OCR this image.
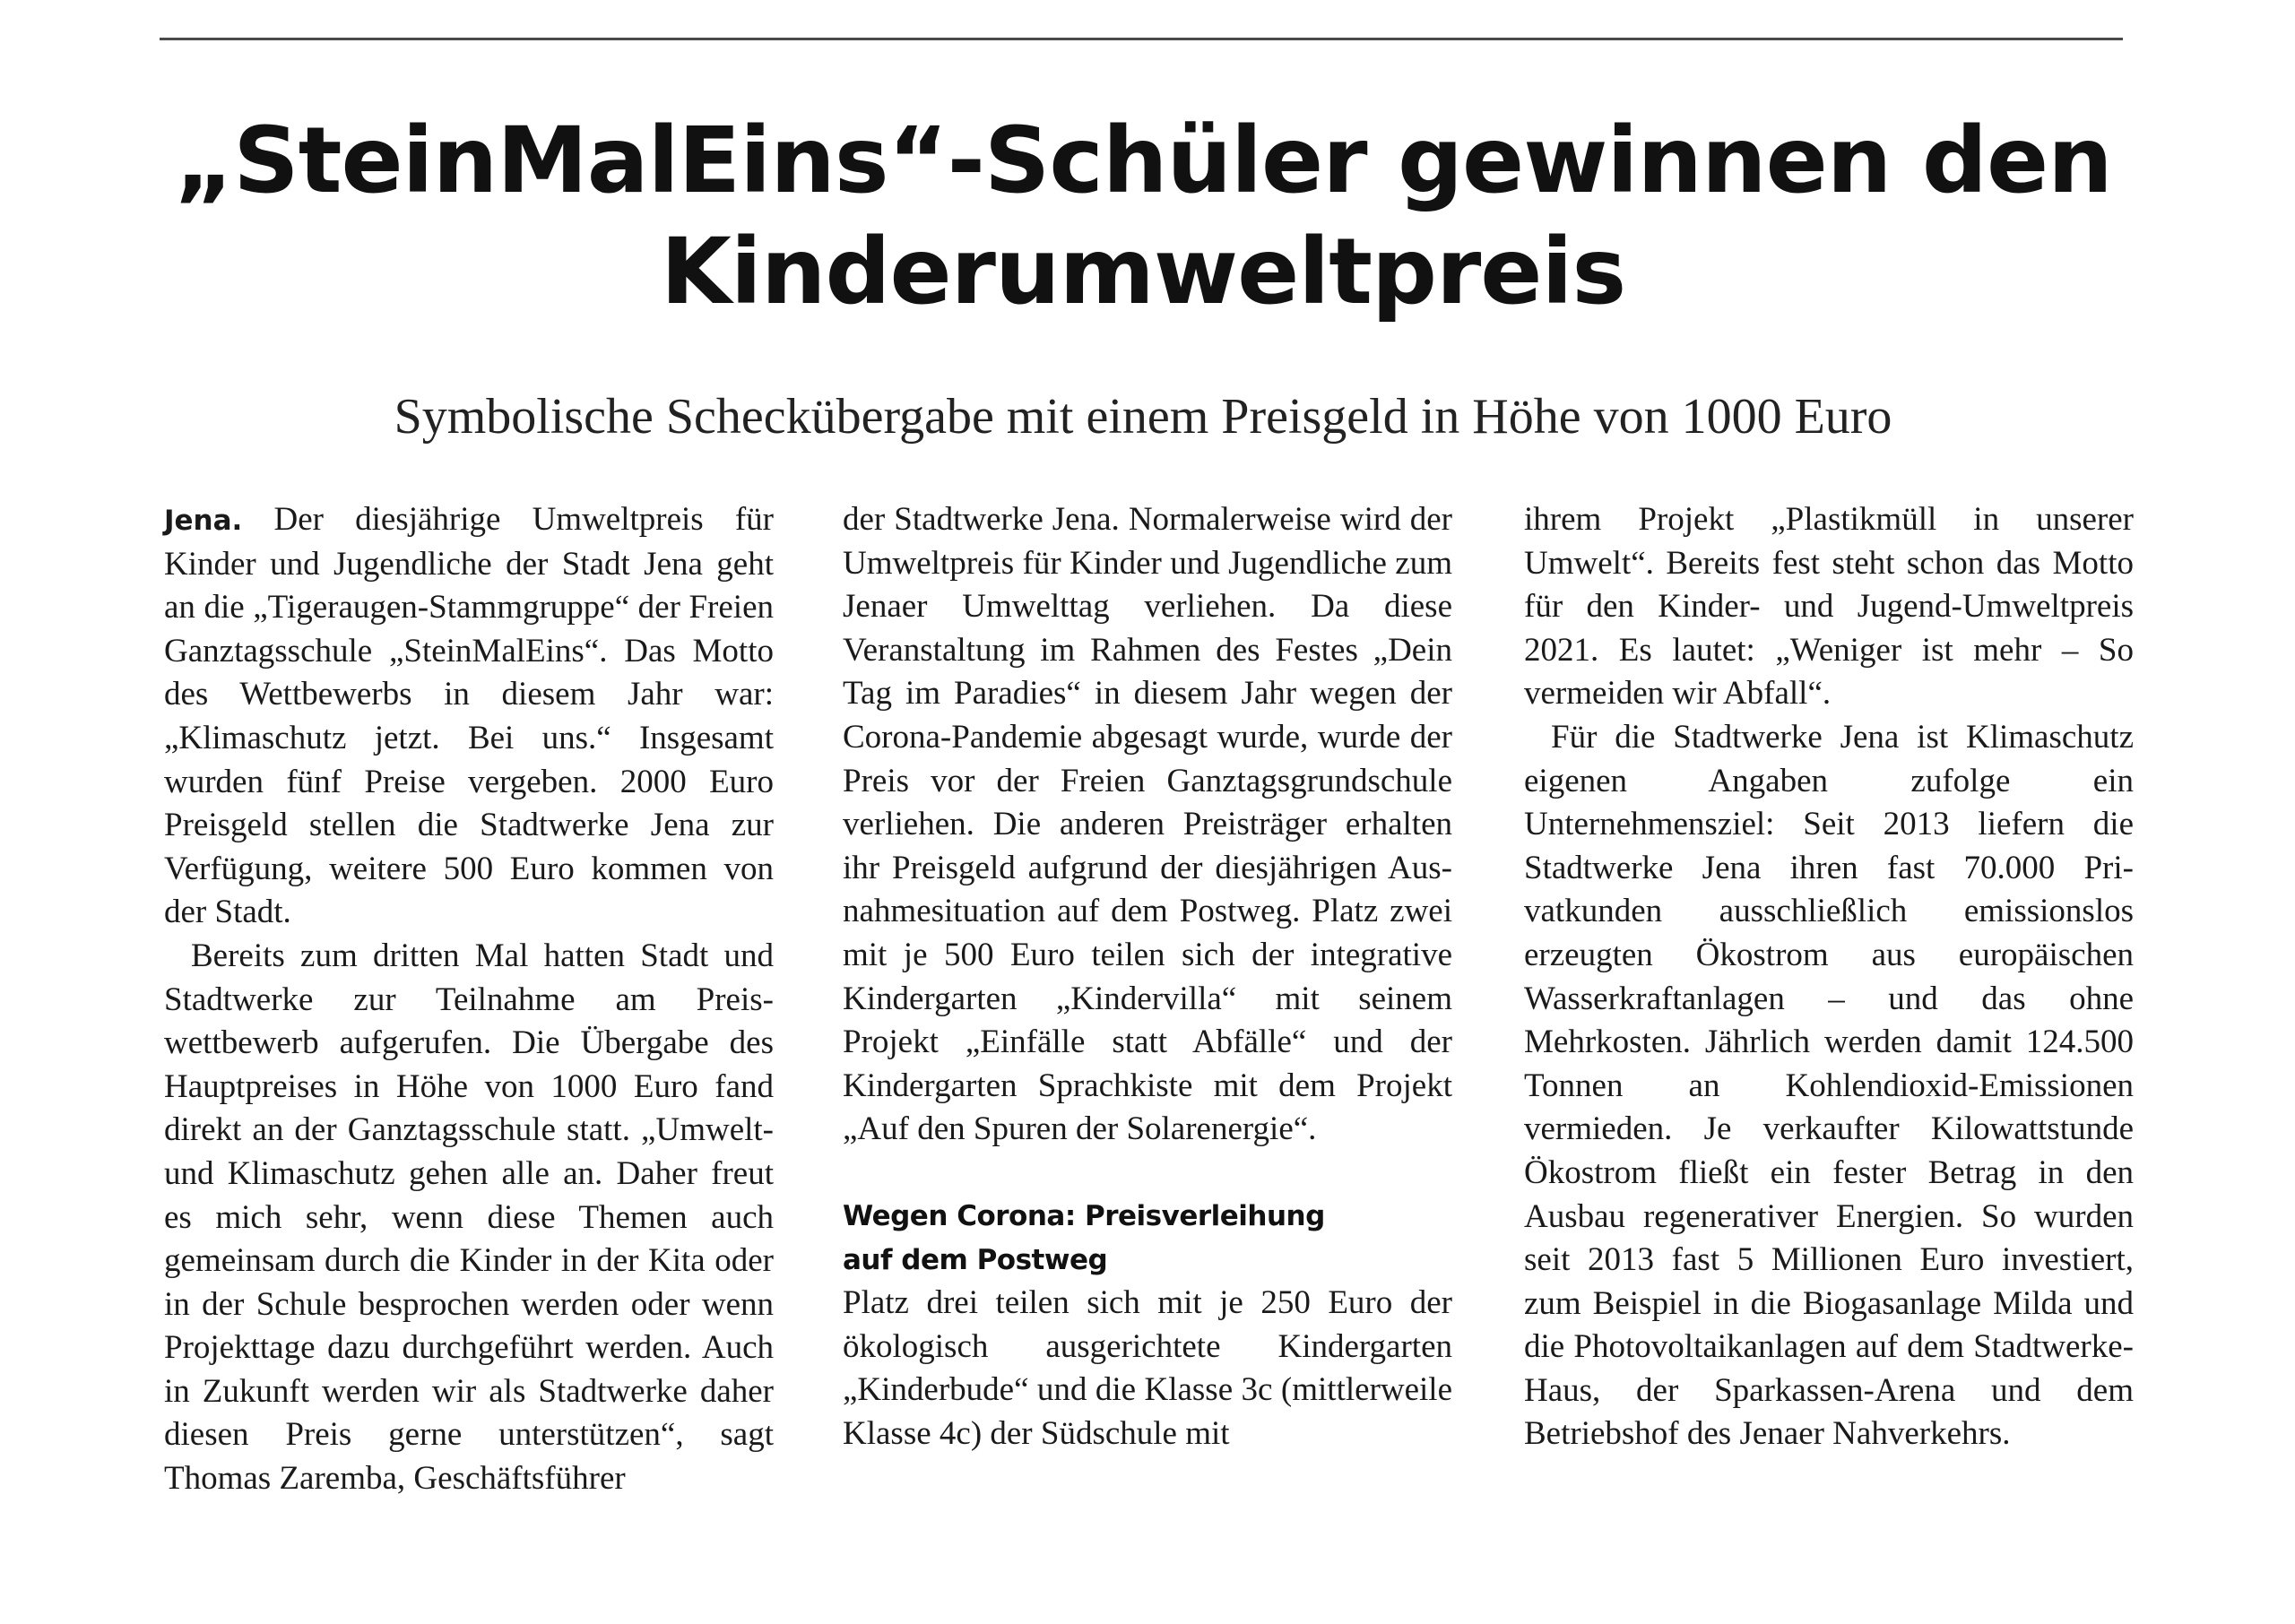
„SteinMalEins“-Schüler gewinnen den
Kinderumweltpreis
Symbolische Scheckübergabe mit einem Preisgeld in Höhe von 1000 Euro

Jena. Der diesjährige Umweltpreis für Kinder und Jugendliche der Stadt Jena geht an die „Tigeraugen-Stammgruppe“ der Freien Ganztagsschule „SteinMalEins“. Das Motto des Wettbewerbs in diesem Jahr war: „Klimaschutz jetzt. Bei uns.“ Insgesamt wurden fünf Preise vergeben. 2000 Euro Preisgeld stellen die Stadtwerke Jena zur Verfügung, weitere 500 Euro kommen von der Stadt.

Bereits zum dritten Mal hatten Stadt und Stadtwerke zur Teilnahme am Preiswettbewerb aufgerufen. Die Übergabe des Hauptpreises in Höhe von 1000 Euro fand direkt an der Ganztagsschule statt. „Umwelt- und Klimaschutz gehen alle an. Daher freut es mich sehr, wenn diese Themen auch gemeinsam durch die Kinder in der Kita oder in der Schule besprochen werden oder wenn Projekttage dazu durchgeführt werden. Auch in Zukunft werden wir als Stadtwerke daher diesen Preis gerne unterstützen“, sagt Thomas Zaremba, Geschäftsführer

der Stadtwerke Jena. Normalerweise wird der Umweltpreis für Kinder und Jugendliche zum Jenaer Umwelttag verliehen. Da diese Veranstaltung im Rahmen des Festes „Dein Tag im Paradies“ in diesem Jahr wegen der Corona-Pandemie abgesagt wurde, wurde der Preis vor der Freien Ganztagsgrundschule verliehen. Die anderen Preisträger erhalten ihr Preisgeld aufgrund der diesjährigen Ausnahmesituation auf dem Postweg. Platz zwei mit je 500 Euro teilen sich der integrative Kindergarten „Kindervilla“ mit seinem Projekt „Einfälle statt Abfälle“ und der Kindergarten Sprachkiste mit dem Projekt „Auf den Spuren der Solarenergie“.

Wegen Corona: Preisverleihung
auf dem Postweg

Platz drei teilen sich mit je 250 Euro der ökologisch ausgerichtete Kindergarten „Kinderbude“ und die Klasse 3c (mittlerweile Klasse 4c) der Südschule mit

ihrem Projekt „Plastikmüll in unserer Umwelt“. Bereits fest steht schon das Motto für den Kinder- und Jugend-Umweltpreis 2021. Es lautet: „Weniger ist mehr – So vermeiden wir Abfall“.

Für die Stadtwerke Jena ist Klimaschutz eigenen Angaben zufolge ein Unternehmensziel: Seit 2013 liefern die Stadtwerke Jena ihren fast 70.000 Privatkunden ausschließlich emissionslos erzeugten Ökostrom aus europäischen Wasserkraftanlagen – und das ohne Mehrkosten. Jährlich werden damit 124.500 Tonnen an Kohlendioxid-Emissionen vermieden. Je verkaufter Kilowattstunde Ökostrom fließt ein fester Betrag in den Ausbau regenerativer Energien. So wurden seit 2013 fast 5 Millionen Euro investiert, zum Beispiel in die Biogasanlage Milda und die Photovoltaikanlagen auf dem Stadtwerke-Haus, der Sparkassen-Arena und dem Betriebshof des Jenaer Nahverkehrs.
